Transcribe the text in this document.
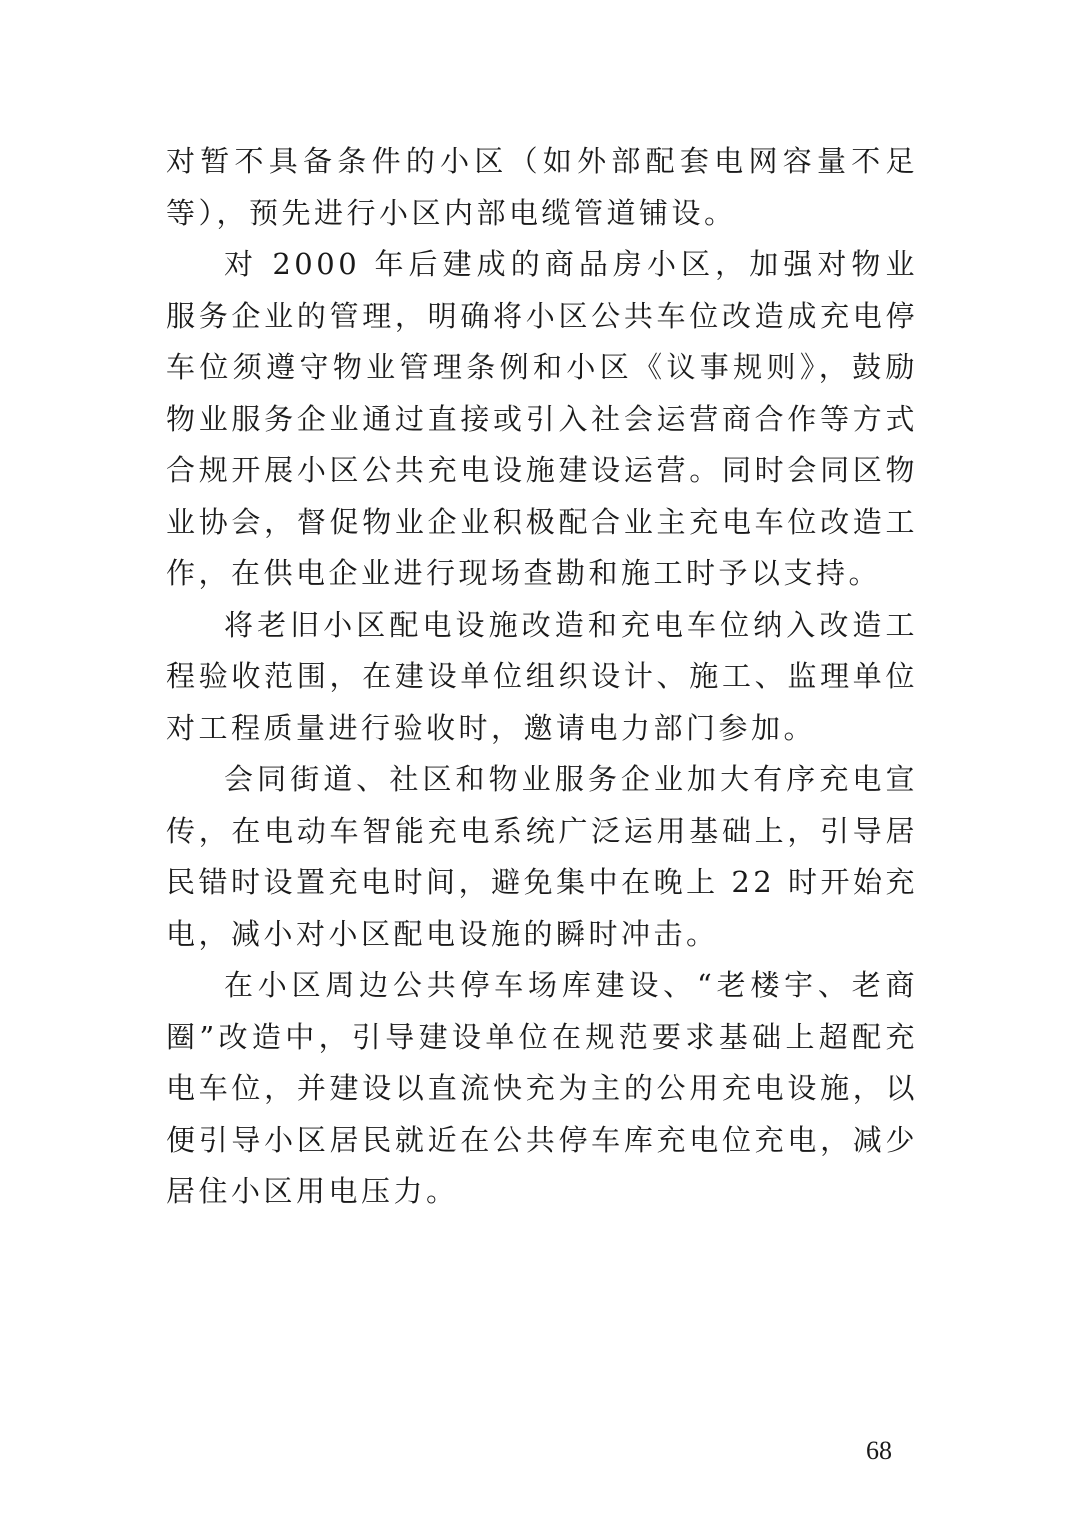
对暂不具备条件的小区（如外部配套电网容量不足等），预先进行小区内部电缆管道铺设。

对 2000 年后建成的商品房小区，加强对物业服务企业的管理，明确将小区公共车位改造成充电停车位须遵守物业管理条例和小区《议事规则》，鼓励物业服务企业通过直接或引入社会运营商合作等方式合规开展小区公共充电设施建设运营。同时会同区物业协会，督促物业企业积极配合业主充电车位改造工作，在供电企业进行现场查勘和施工时予以支持。

将老旧小区配电设施改造和充电车位纳入改造工程验收范围，在建设单位组织设计、施工、监理单位对工程质量进行验收时，邀请电力部门参加。

会同街道、社区和物业服务企业加大有序充电宣传，在电动车智能充电系统广泛运用基础上，引导居民错时设置充电时间，避免集中在晚上 22 时开始充电，减小对小区配电设施的瞬时冲击。

在小区周边公共停车场库建设、“老楼宇、老商圈”改造中，引导建设单位在规范要求基础上超配充电车位，并建设以直流快充为主的公用充电设施，以便引导小区居民就近在公共停车库充电位充电，减少居住小区用电压力。

68
